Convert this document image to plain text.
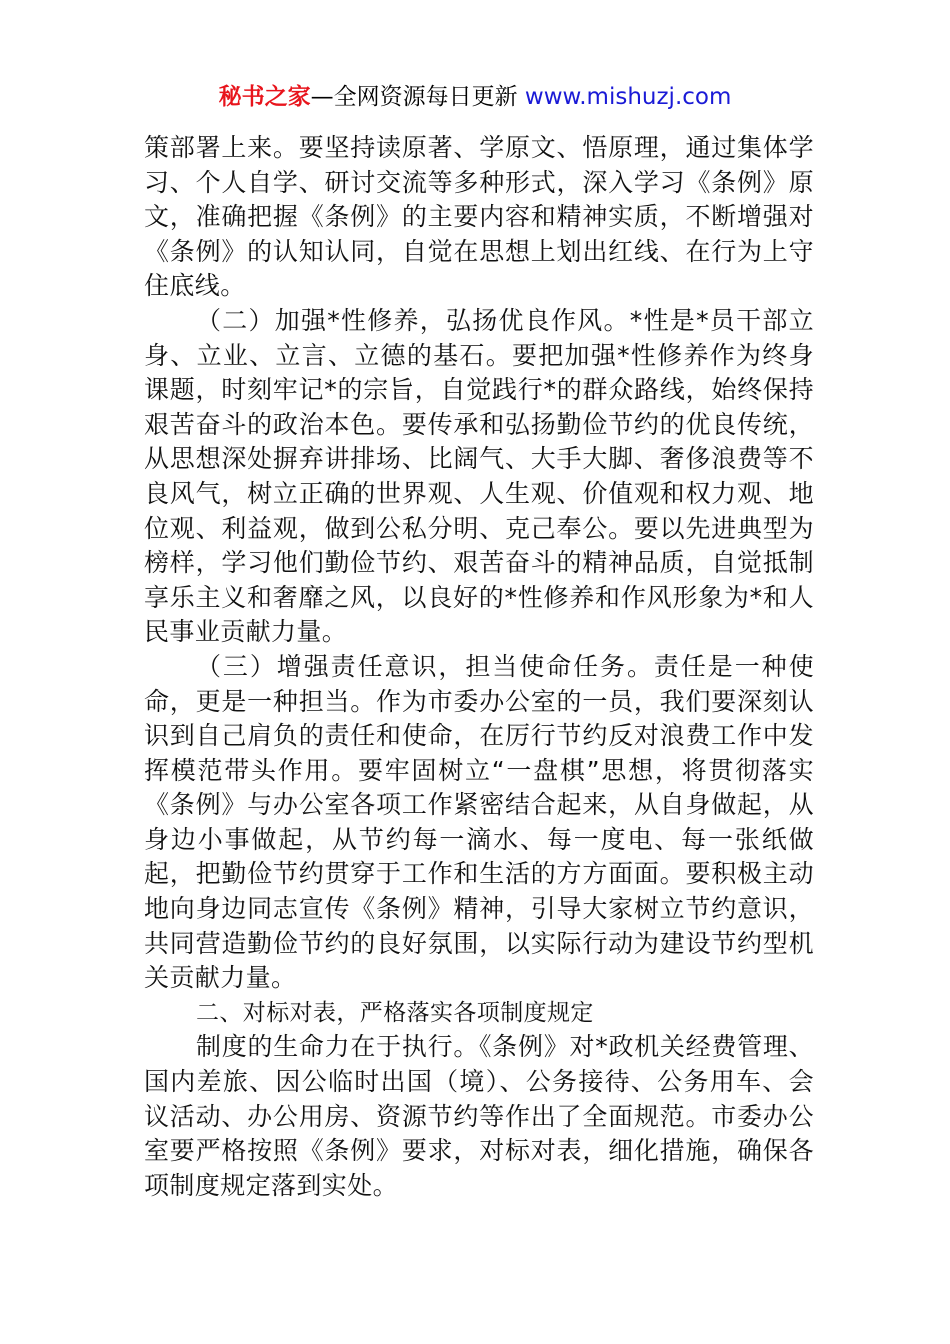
秘书之家—全网资源每日更新 www.mishuzj.com

策部署上来。要坚持读原著、学原文、悟原理，通过集体学习、个人自学、研讨交流等多种形式，深入学习《条例》原文，准确把握《条例》的主要内容和精神实质，不断增强对《条例》的认知认同，自觉在思想上划出红线、在行为上守住底线。

（二）加强*性修养，弘扬优良作风。*性是*员干部立身、立业、立言、立德的基石。要把加强*性修养作为终身课题，时刻牢记*的宗旨，自觉践行*的群众路线，始终保持艰苦奋斗的政治本色。要传承和弘扬勤俭节约的优良传统，从思想深处摒弃讲排场、比阔气、大手大脚、奢侈浪费等不良风气，树立正确的世界观、人生观、价值观和权力观、地位观、利益观，做到公私分明、克己奉公。要以先进典型为榜样，学习他们勤俭节约、艰苦奋斗的精神品质，自觉抵制享乐主义和奢靡之风，以良好的*性修养和作风形象为*和人民事业贡献力量。

（三）增强责任意识，担当使命任务。责任是一种使命，更是一种担当。作为市委办公室的一员，我们要深刻认识到自己肩负的责任和使命，在厉行节约反对浪费工作中发挥模范带头作用。要牢固树立“一盘棋”思想，将贯彻落实《条例》与办公室各项工作紧密结合起来，从自身做起，从身边小事做起，从节约每一滴水、每一度电、每一张纸做起，把勤俭节约贯穿于工作和生活的方方面面。要积极主动地向身边同志宣传《条例》精神，引导大家树立节约意识，共同营造勤俭节约的良好氛围，以实际行动为建设节约型机关贡献力量。

二、对标对表，严格落实各项制度规定

制度的生命力在于执行。《条例》对*政机关经费管理、国内差旅、因公临时出国（境）、公务接待、公务用车、会议活动、办公用房、资源节约等作出了全面规范。市委办公室要严格按照《条例》要求，对标对表，细化措施，确保各项制度规定落到实处。
